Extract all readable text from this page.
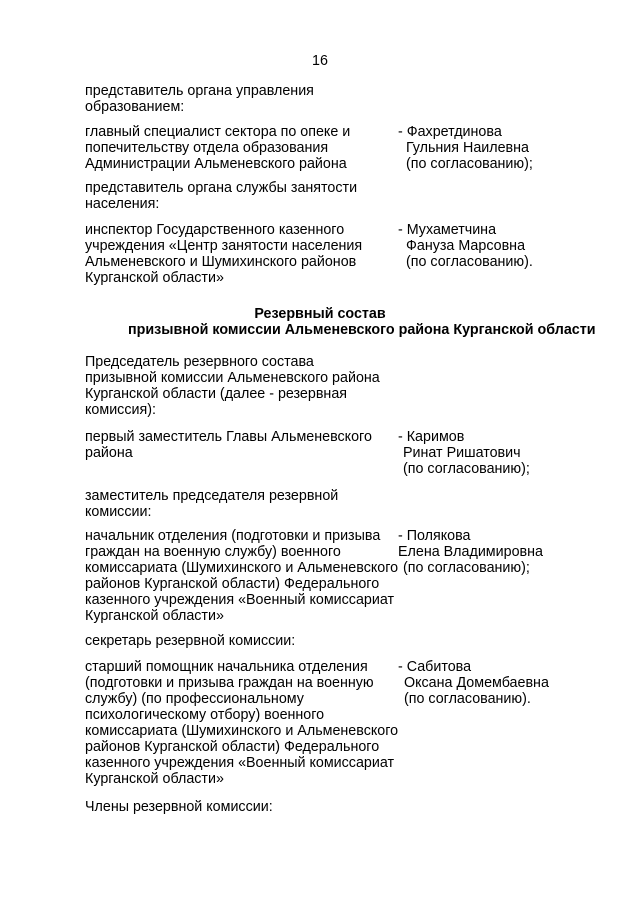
16
представитель органа управления
образованием:
главный специалист сектора по опеке и
попечительству отдела образования
Администрации Альменевского района
- Фахретдинова
Гульния Наилевна
(по согласованию);
представитель органа службы занятости
населения:
инспектор Государственного казенного
учреждения «Центр занятости населения
Альменевского и Шумихинского районов
Курганской области»
- Мухаметчина
Фануза Марсовна
(по согласованию).
Резервный состав
призывной комиссии Альменевского района Курганской области
Председатель резервного состава
призывной комиссии Альменевского района
Курганской области (далее - резервная
комиссия):
первый заместитель Главы Альменевского
района
- Каримов
Ринат Ришатович
(по согласованию);
заместитель председателя резервной
комиссии:
начальник отделения (подготовки и призыва
граждан на военную службу) военного
комиссариата (Шумихинского и Альменевского
районов Курганской области) Федерального
казенного учреждения «Военный комиссариат
Курганской области»
- Полякова
Елена Владимировна
(по согласованию);
секретарь резервной комиссии:
старший помощник начальника отделения
(подготовки и призыва граждан на военную
службу) (по профессиональному
психологическому отбору) военного
комиссариата (Шумихинского и Альменевского
районов Курганской области) Федерального
казенного учреждения «Военный комиссариат
Курганской области»
- Сабитова
Оксана Домембаевна
(по согласованию).
Члены резервной комиссии:
